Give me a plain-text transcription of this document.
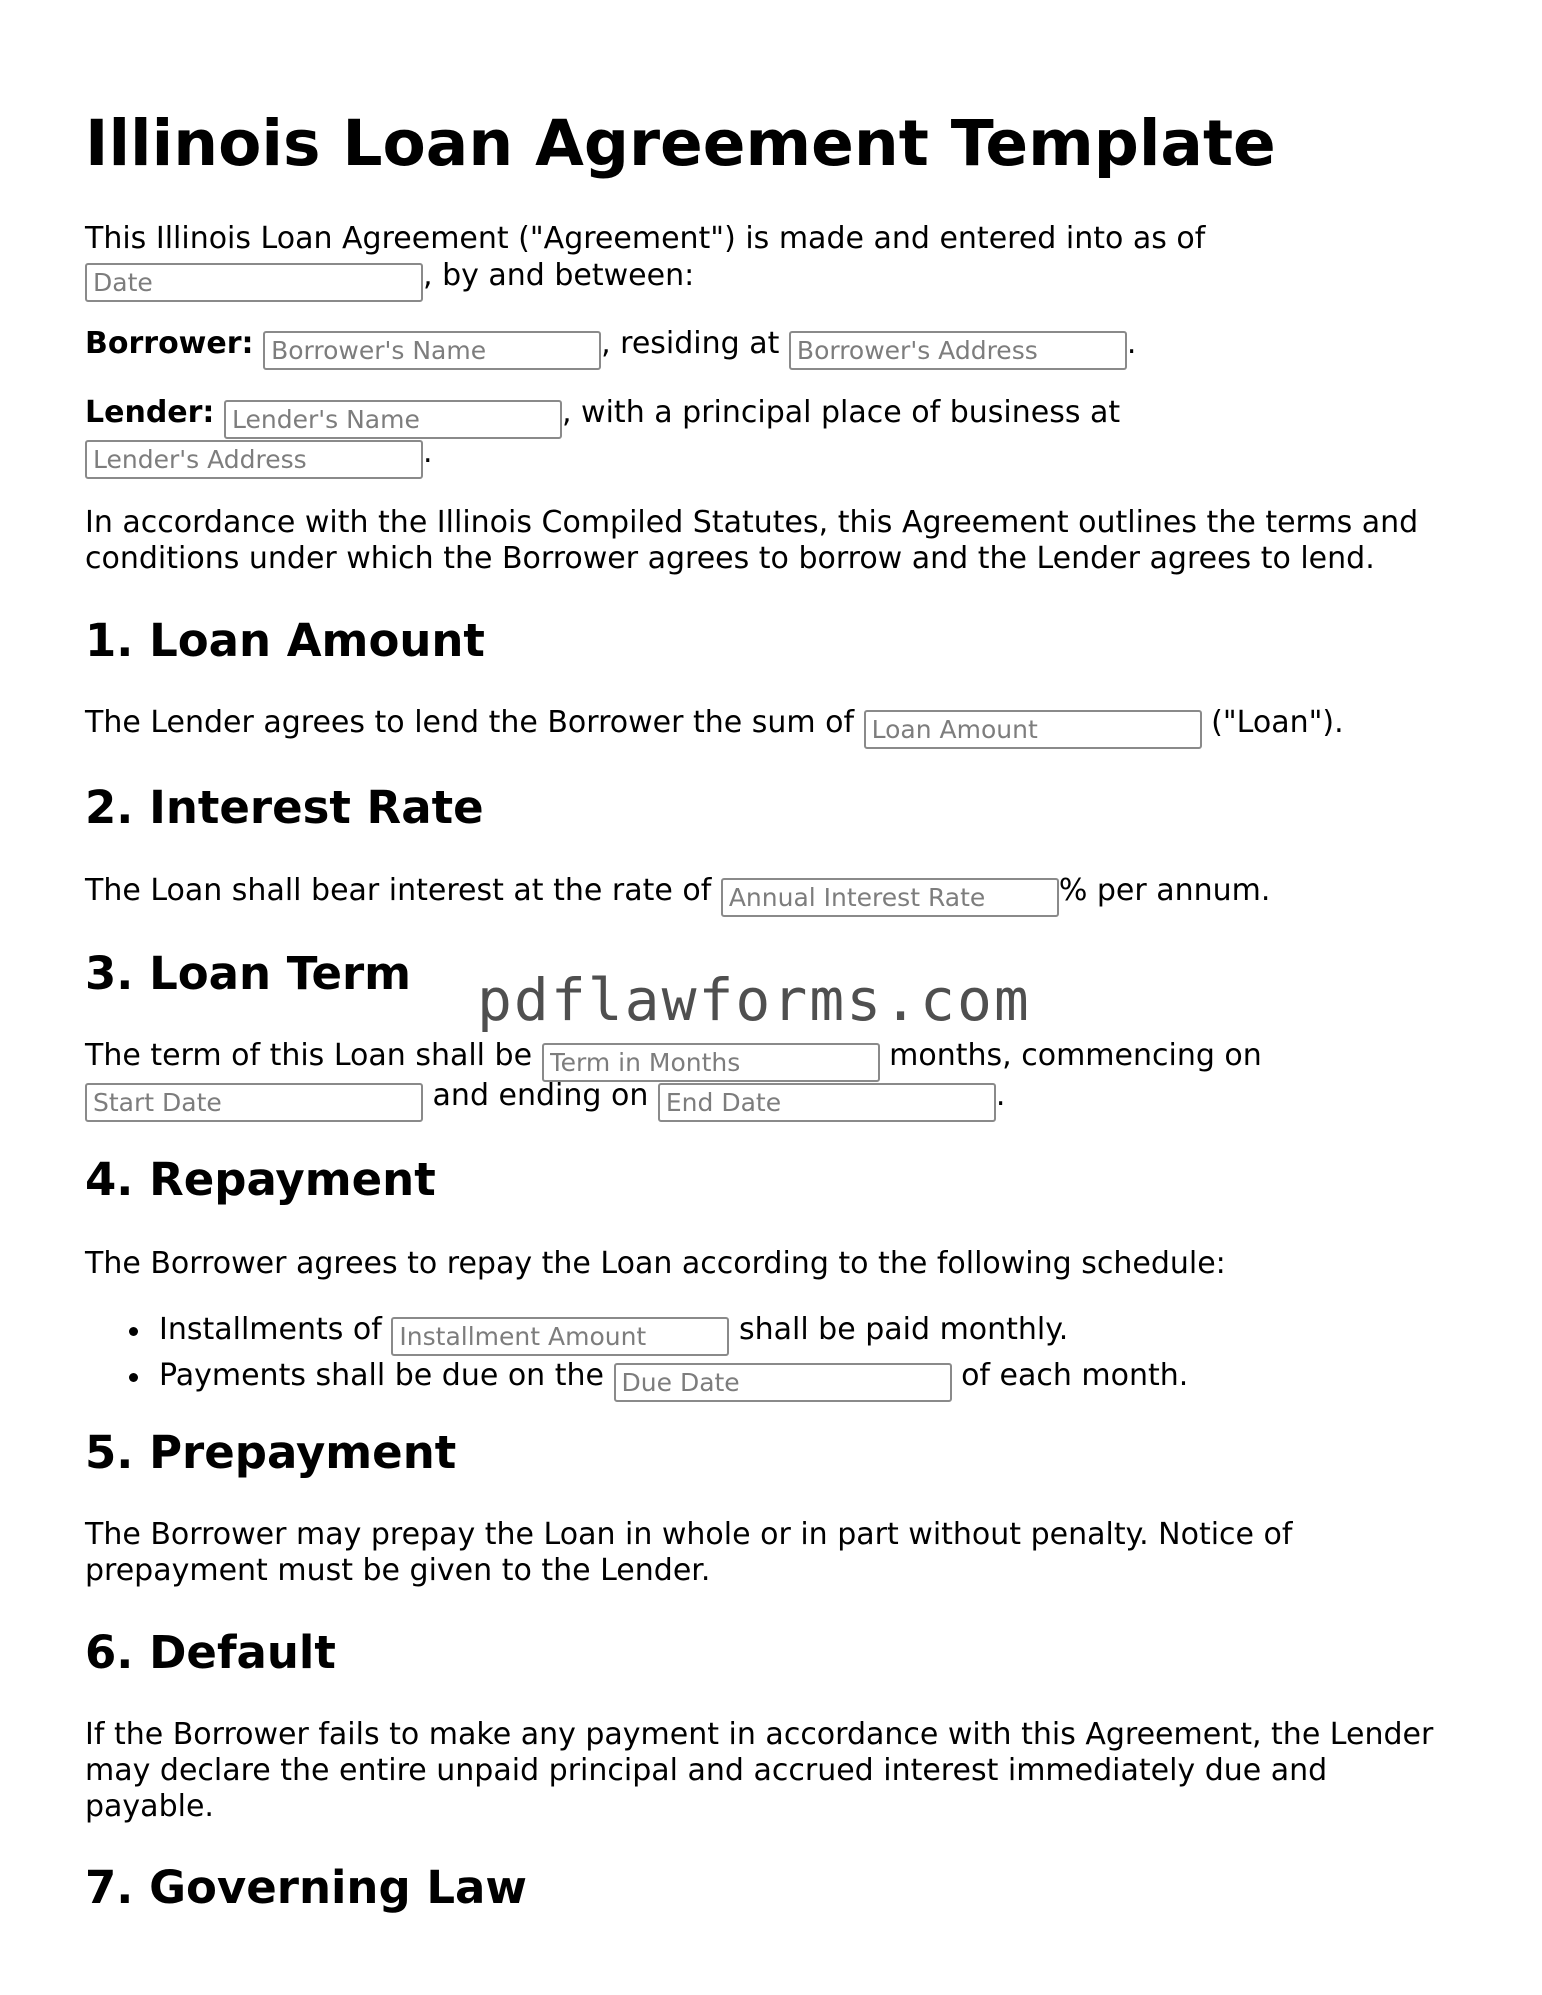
Illinois Loan Agreement Template
This Illinois Loan Agreement ("Agreement") is made and entered into as of
Date, by and between:
Borrower: Borrower's Name	, residing at Borrower's Address	.
Lender: Lender's Name	, with a principal place of business at
Lender's Address.
In accordance with the Illinois Compiled Statutes, this Agreement outlines the terms and
conditions under which the Borrower agrees to borrow and the Lender agrees to lend.
1. Loan Amount
The Lender agrees to lend the Borrower the sum of Loan Amount	("Loan").
2. Interest Rate
The Loan shall bear interest at the rate of Annual Interest Rate	% per annum.
3. Loan Term
The term of this Loan shall be Term in Months	months, commencing on
Start Date and ending on End Date	.
4. Repayment
The Borrower agrees to repay the Loan according to the following schedule:
Installments of Installment Amount	shall be paid monthly.
Payments shall be due on the Due Date	of each month.
5. Prepayment
The Borrower may prepay the Loan in whole or in part without penalty. Notice of
prepayment must be given to the Lender.
6. Default
If the Borrower fails to make any payment in accordance with this Agreement, the Lender
may declare the entire unpaid principal and accrued interest immediately due and
payable.
7. Governing Law
pdflawforms.com
